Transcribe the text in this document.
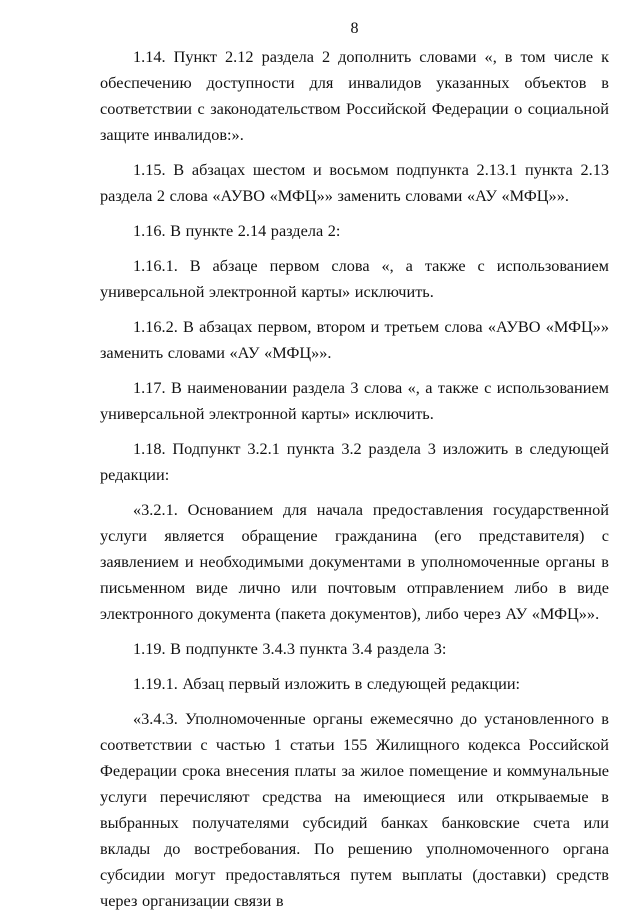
8

1.14. Пункт 2.12 раздела 2 дополнить словами «, в том числе к обеспечению доступности для инвалидов указанных объектов в соответствии с законодательством Российской Федерации о социальной защите инвалидов:».

1.15. В абзацах шестом и восьмом подпункта 2.13.1 пункта 2.13 раздела 2 слова «АУВО «МФЦ»» заменить словами «АУ «МФЦ»».

1.16. В пункте 2.14 раздела 2:

1.16.1. В абзаце первом слова «, а также с использованием универсальной электронной карты» исключить.

1.16.2. В абзацах первом, втором и третьем слова «АУВО «МФЦ»» заменить словами «АУ «МФЦ»».

1.17. В наименовании раздела 3 слова «, а также с использованием универсальной электронной карты» исключить.

1.18. Подпункт 3.2.1 пункта 3.2 раздела 3 изложить в следующей редакции:

«3.2.1. Основанием для начала предоставления государственной услуги является обращение гражданина (его представителя) с заявлением и необходимыми документами в уполномоченные органы в письменном виде лично или почтовым отправлением либо в виде электронного документа (пакета документов), либо через АУ «МФЦ»».

1.19. В подпункте 3.4.3 пункта 3.4 раздела 3:

1.19.1. Абзац первый изложить в следующей редакции:

«3.4.3. Уполномоченные органы ежемесячно до установленного в соответствии с частью 1 статьи 155 Жилищного кодекса Российской Федерации срока внесения платы за жилое помещение и коммунальные услуги перечисляют средства на имеющиеся или открываемые в выбранных получателями субсидий банках банковские счета или вклады до востребования. По решению уполномоченного органа субсидии могут предоставляться путем выплаты (доставки) средств через организации связи в
